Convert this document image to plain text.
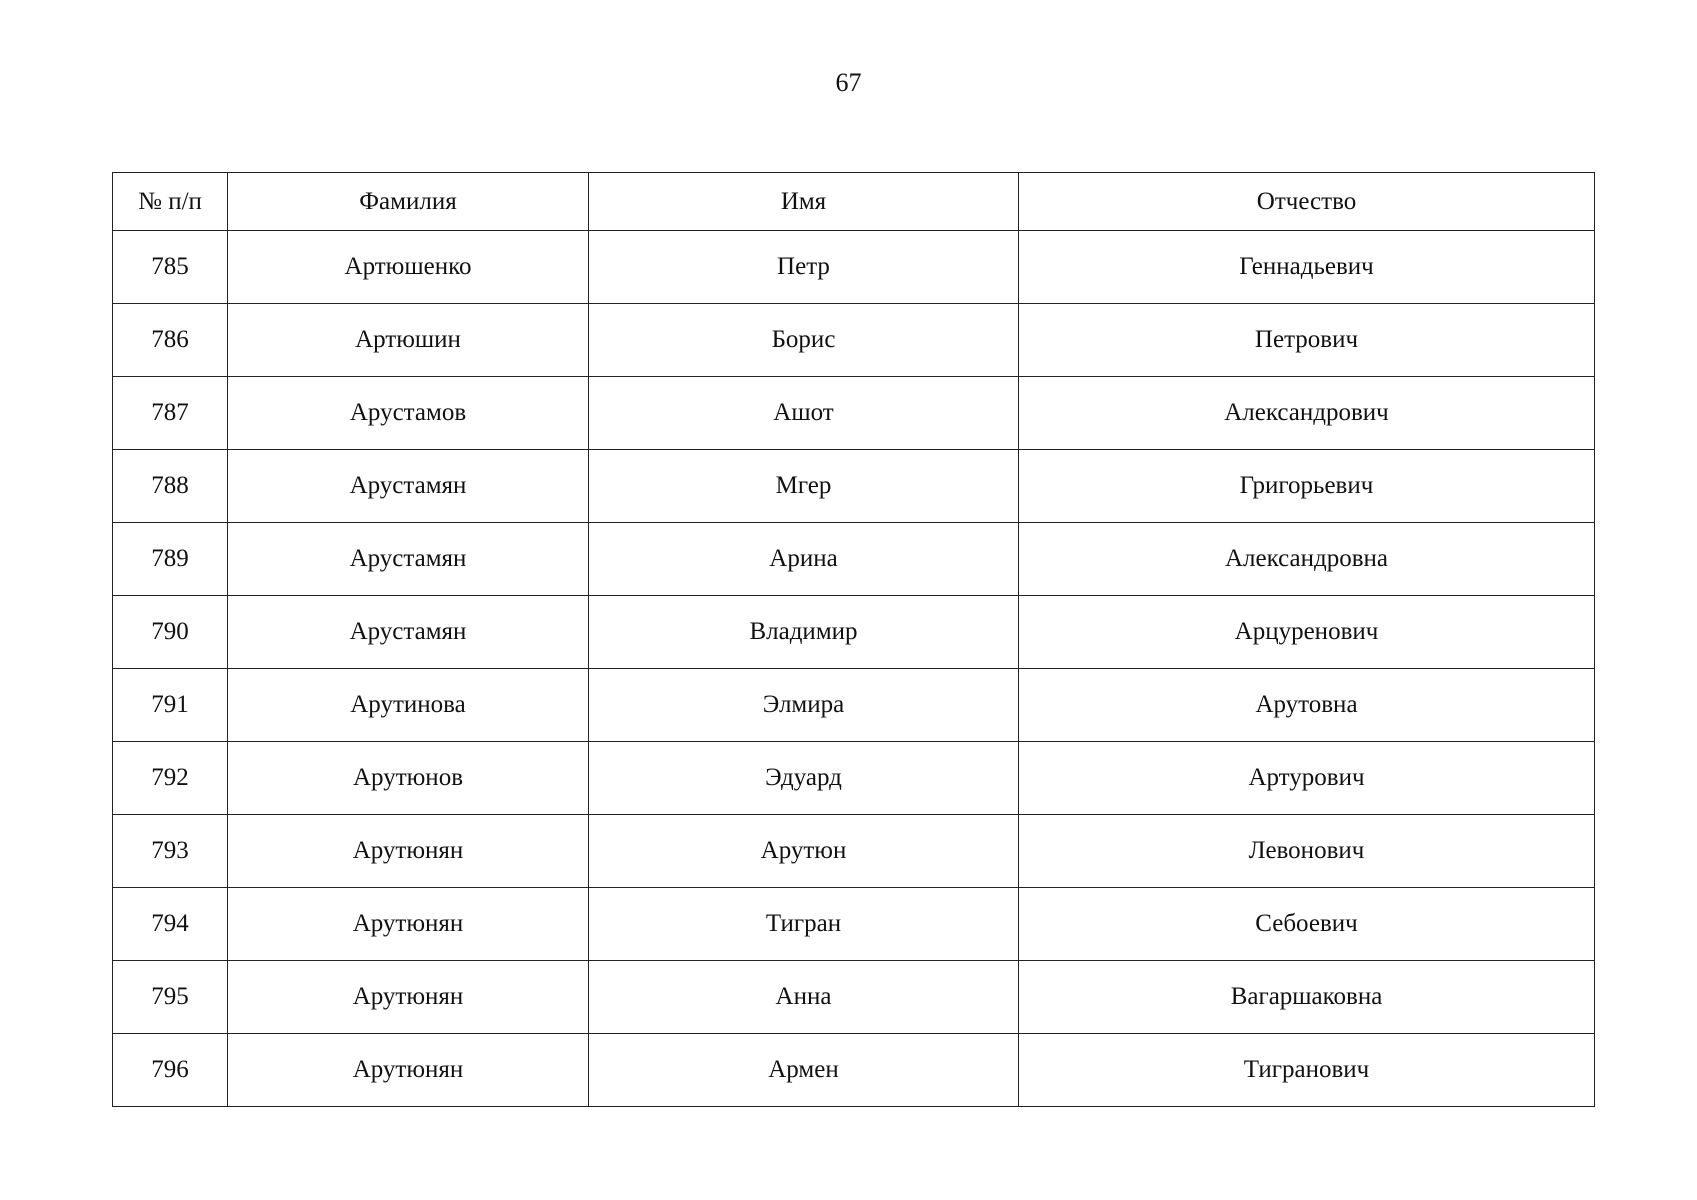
67
№ п/п	Фамилия	Имя	Отчество
785	Артюшенко	Петр	Геннадьевич
786	Артюшин	Борис	Петрович
787	Арустамов	Ашот	Александрович
788	Арустамян	Мгер	Григорьевич
789	Арустамян	Арина	Александровна
790	Арустамян	Владимир	Арцуренович
791	Арутинова	Элмира	Арутовна
792	Арутюнов	Эдуард	Артурович
793	Арутюнян	Арутюн	Левонович
794	Арутюнян	Тигран	Себоевич
795	Арутюнян	Анна	Вагаршаковна
796	Арутюнян	Армен	Тигранович
